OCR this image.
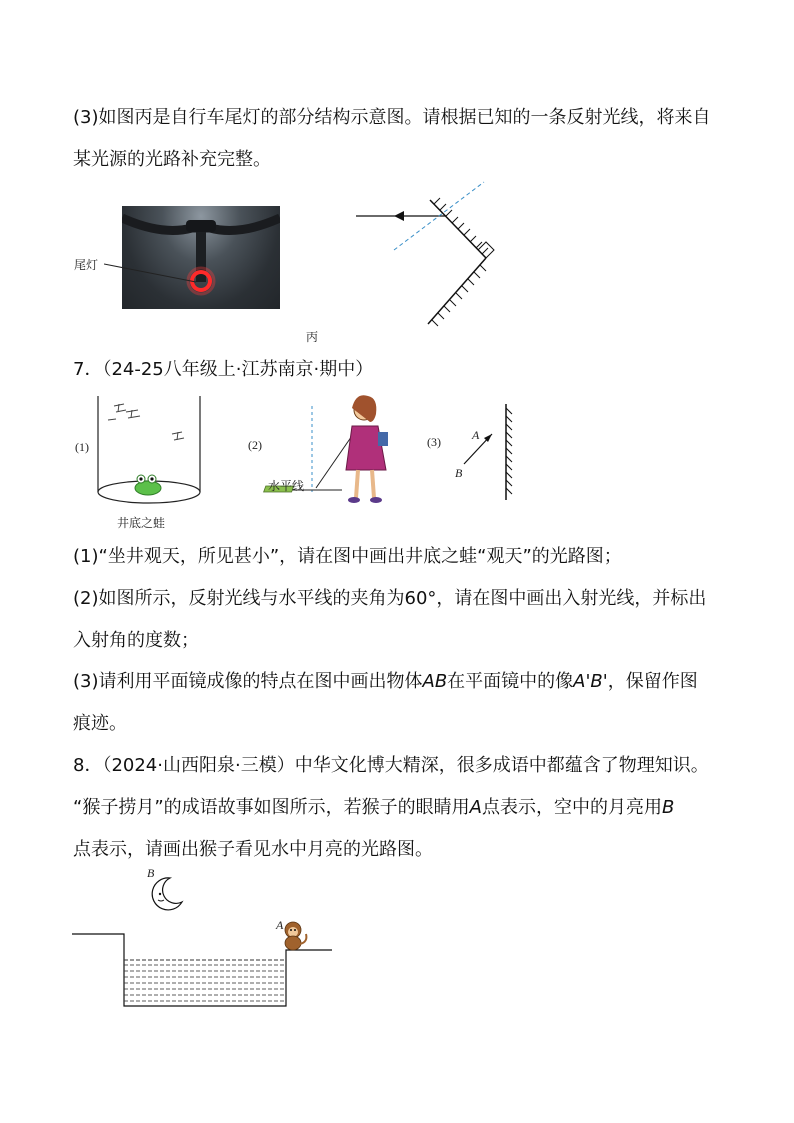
(3)如图丙是自行车尾灯的部分结构示意图。请根据已知的一条反射光线，将来自
某光源的光路补充完整。
尾灯
丙
7．（24-25八年级上·江苏南京·期中）
(1)
井底之蛙
(2)
水平线
(3)	A
B
(1)“坐井观天，所见甚小”，请在图中画出井底之蛙“观天”的光路图；
(2)如图所示，反射光线与水平线的夹角为60°，请在图中画出入射光线，并标出
入射角的度数；
(3)请利用平面镜成像的特点在图中画出物体AB在平面镜中的像A'B'，保留作图
痕迹。
8．（2024·山西阳泉·三模）中华文化博大精深，很多成语中都蕴含了物理知识。
“猴子捞月”的成语故事如图所示，若猴子的眼睛用A点表示，空中的月亮用B
点表示，请画出猴子看见水中月亮的光路图。
B
A
